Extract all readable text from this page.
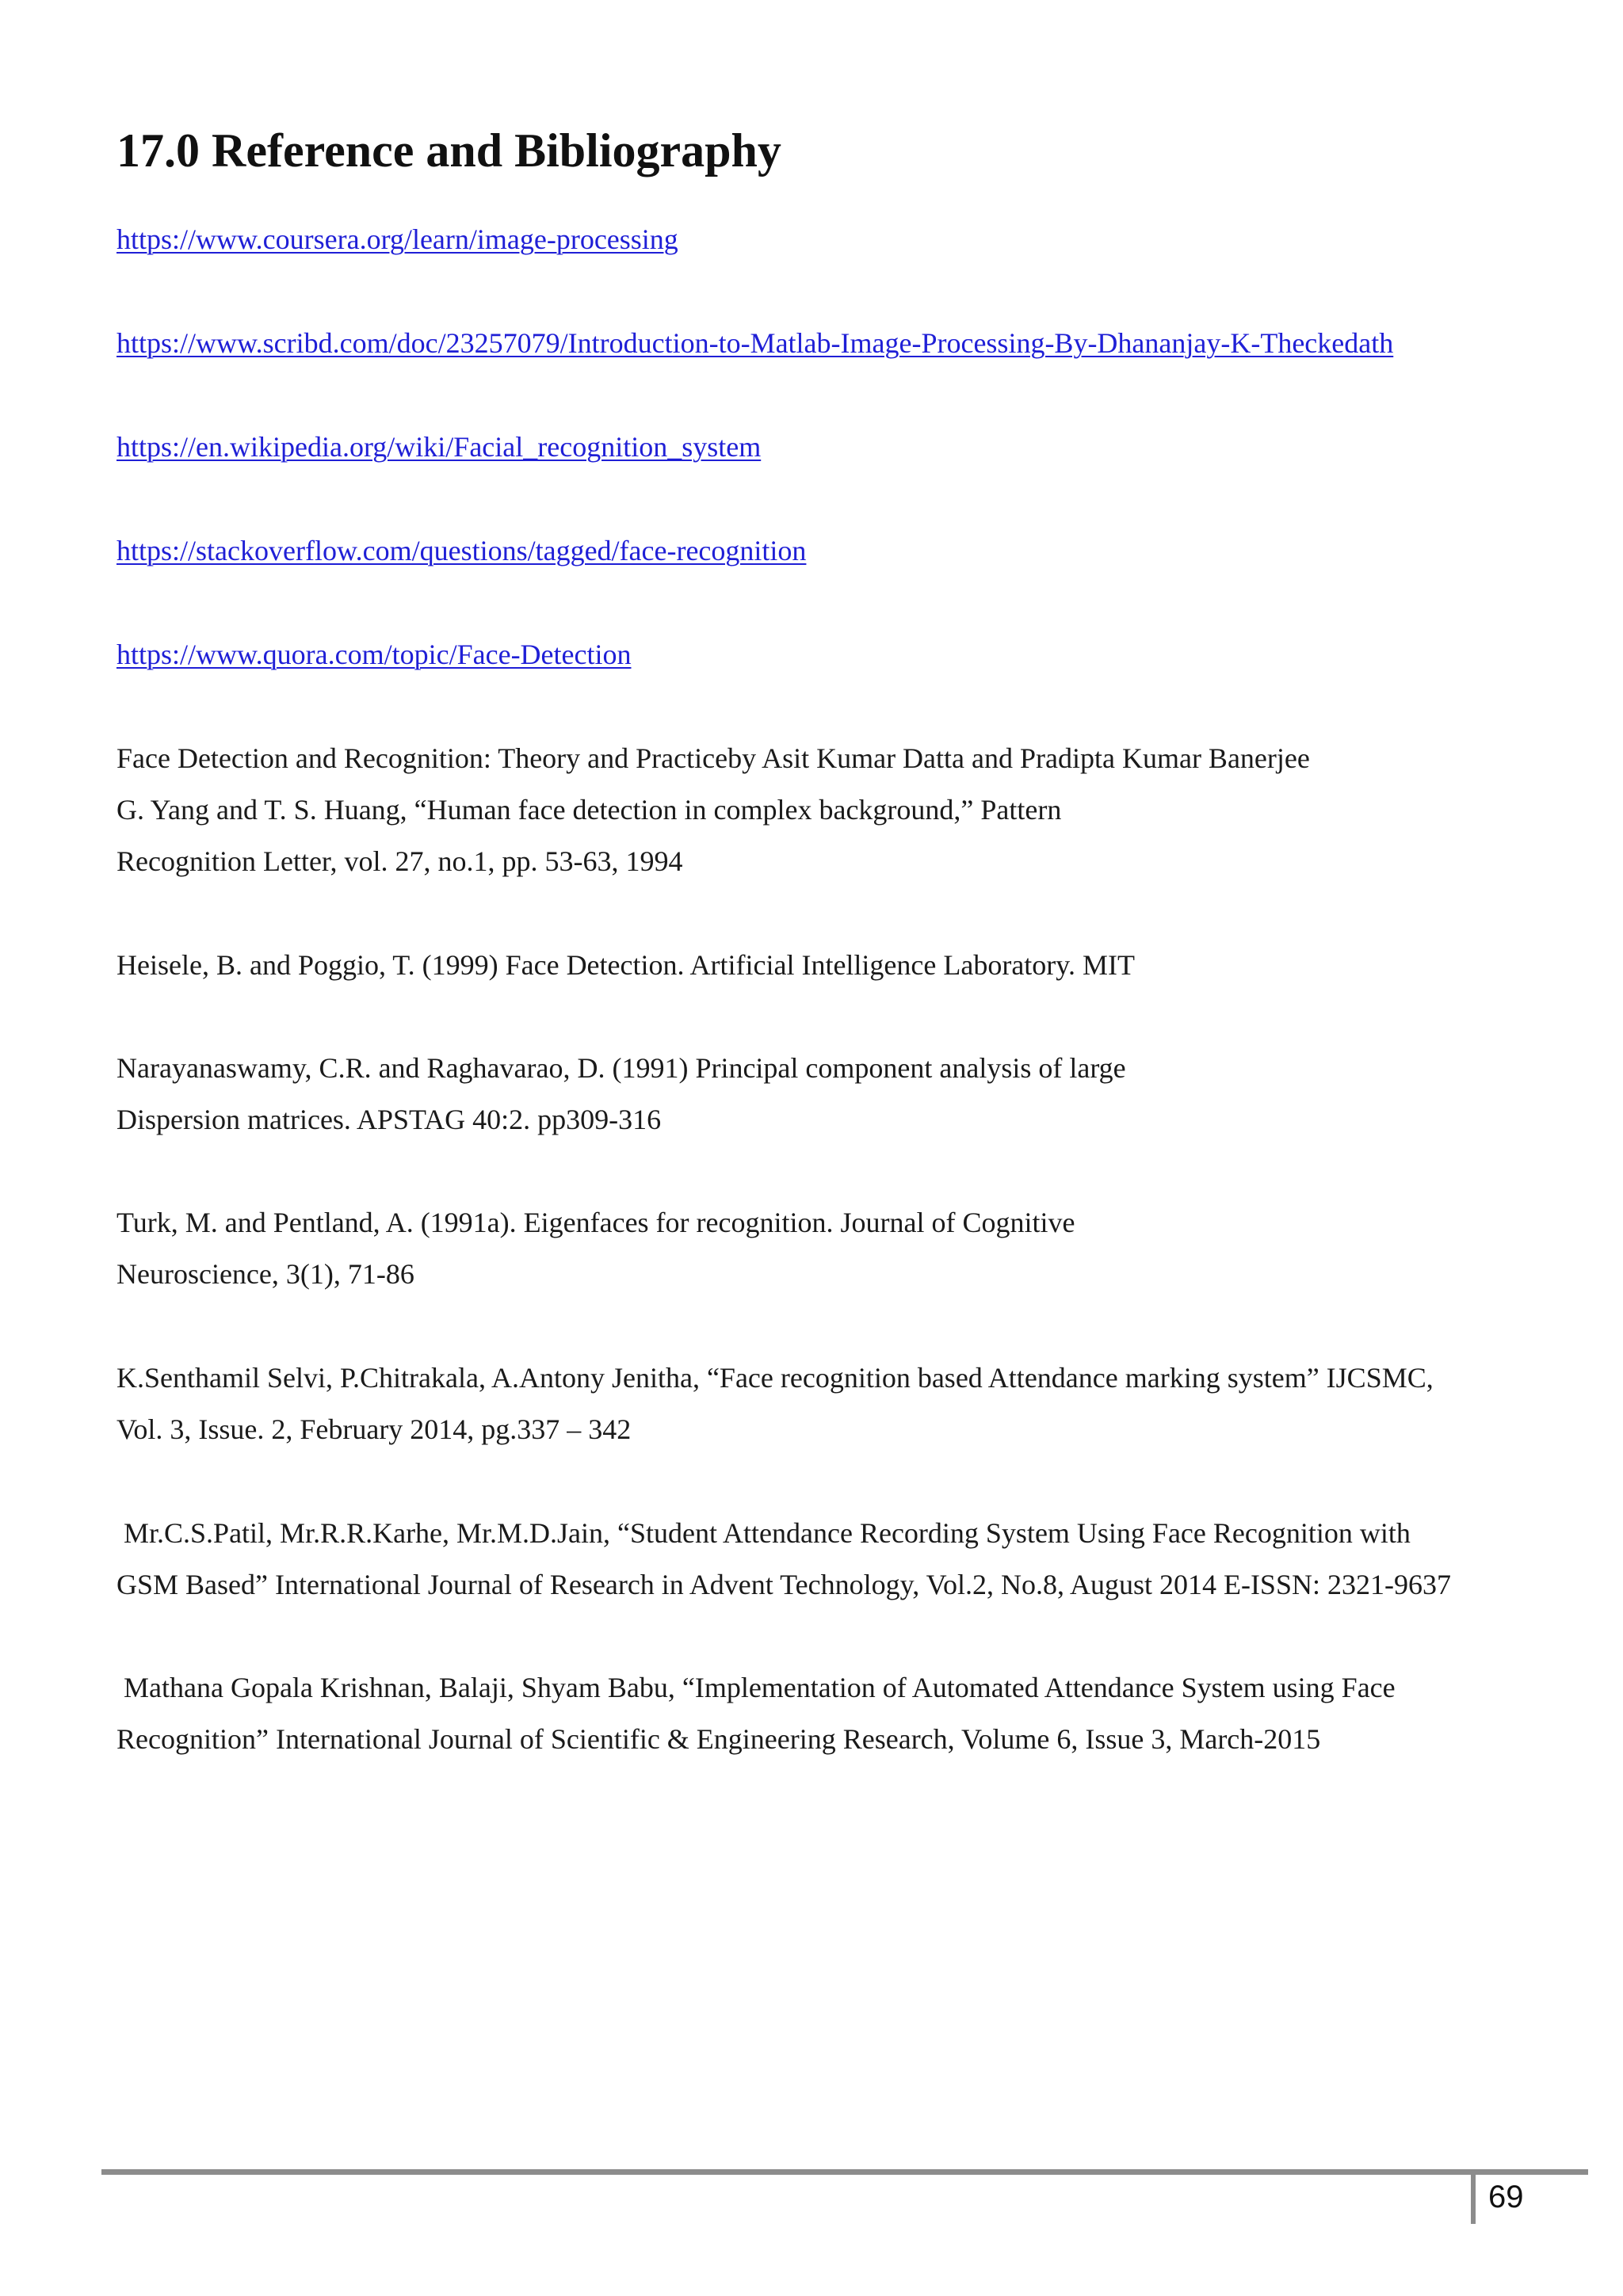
17.0 Reference and Bibliography
https://www.coursera.org/learn/image-processing
https://www.scribd.com/doc/23257079/Introduction-to-Matlab-Image-Processing-By-Dhananjay-K-Theckedath
https://en.wikipedia.org/wiki/Facial_recognition_system
https://stackoverflow.com/questions/tagged/face-recognition
https://www.quora.com/topic/Face-Detection

Face Detection and Recognition: Theory and Practiceby Asit Kumar Datta and Pradipta Kumar Banerjee

G. Yang and T. S. Huang, “Human face detection in complex background,” Pattern

Recognition Letter, vol. 27, no.1, pp. 53-63, 1994

Heisele, B. and Poggio, T. (1999) Face Detection. Artificial Intelligence Laboratory. MIT

Narayanaswamy, C.R. and Raghavarao, D. (1991) Principal component analysis of large

Dispersion matrices. APSTAG 40:2. pp309-316

Turk, M. and Pentland, A. (1991a). Eigenfaces for recognition. Journal of Cognitive

Neuroscience, 3(1), 71-86

K.Senthamil Selvi, P.Chitrakala, A.Antony Jenitha, “Face recognition based Attendance marking system” IJCSMC,

Vol. 3, Issue. 2, February 2014, pg.337 – 342

Mr.C.S.Patil, Mr.R.R.Karhe, Mr.M.D.Jain, “Student Attendance Recording System Using Face Recognition with

GSM Based” International Journal of Research in Advent Technology, Vol.2, No.8, August 2014 E-ISSN: 2321-9637

Mathana Gopala Krishnan, Balaji, Shyam Babu, “Implementation of Automated Attendance System using Face

Recognition” International Journal of Scientific & Engineering Research, Volume 6, Issue 3, March-2015

69
